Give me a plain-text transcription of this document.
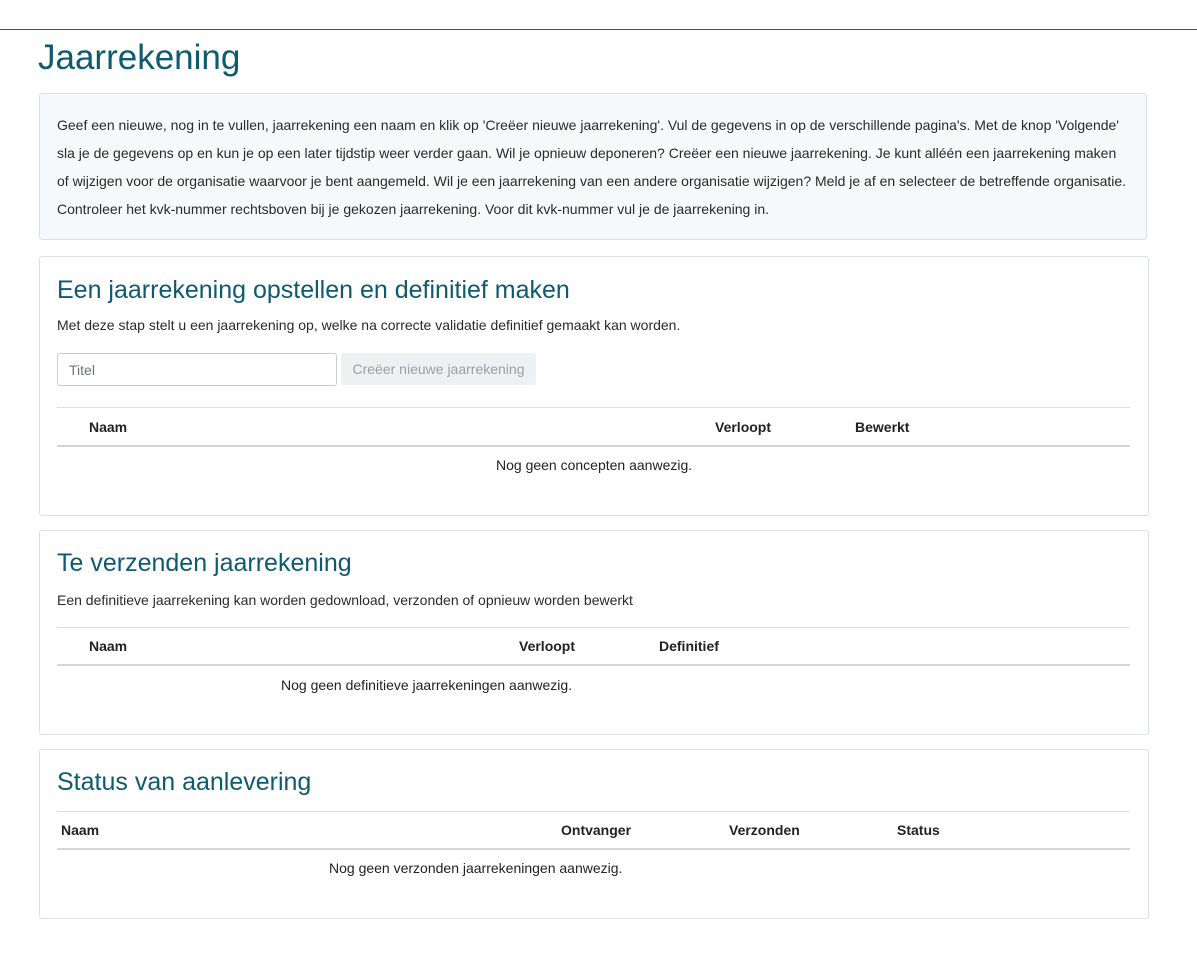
Jaarrekening
Geef een nieuwe, nog in te vullen, jaarrekening een naam en klik op 'Creëer nieuwe jaarrekening'. Vul de gegevens in op de verschillende pagina's. Met de knop 'Volgende' sla je de gegevens op en kun je op een later tijdstip weer verder gaan. Wil je opnieuw deponeren? Creëer een nieuwe jaarrekening. Je kunt alléén een jaarrekening maken of wijzigen voor de organisatie waarvoor je bent aangemeld. Wil je een jaarrekening van een andere organisatie wijzigen? Meld je af en selecteer de betreffende organisatie. Controleer het kvk-nummer rechtsboven bij je gekozen jaarrekening. Voor dit kvk-nummer vul je de jaarrekening in.
Een jaarrekening opstellen en definitief maken
Met deze stap stelt u een jaarrekening op, welke na correcte validatie definitief gemaakt kan worden.
Titel
Creëer nieuwe jaarrekening
Naam	Verloopt	Bewerkt
Nog geen concepten aanwezig.
Te verzenden jaarrekening
Een definitieve jaarrekening kan worden gedownload, verzonden of opnieuw worden bewerkt
Naam	Verloopt	Definitief
Nog geen definitieve jaarrekeningen aanwezig.
Status van aanlevering
Naam	Ontvanger	Verzonden	Status
Nog geen verzonden jaarrekeningen aanwezig.
